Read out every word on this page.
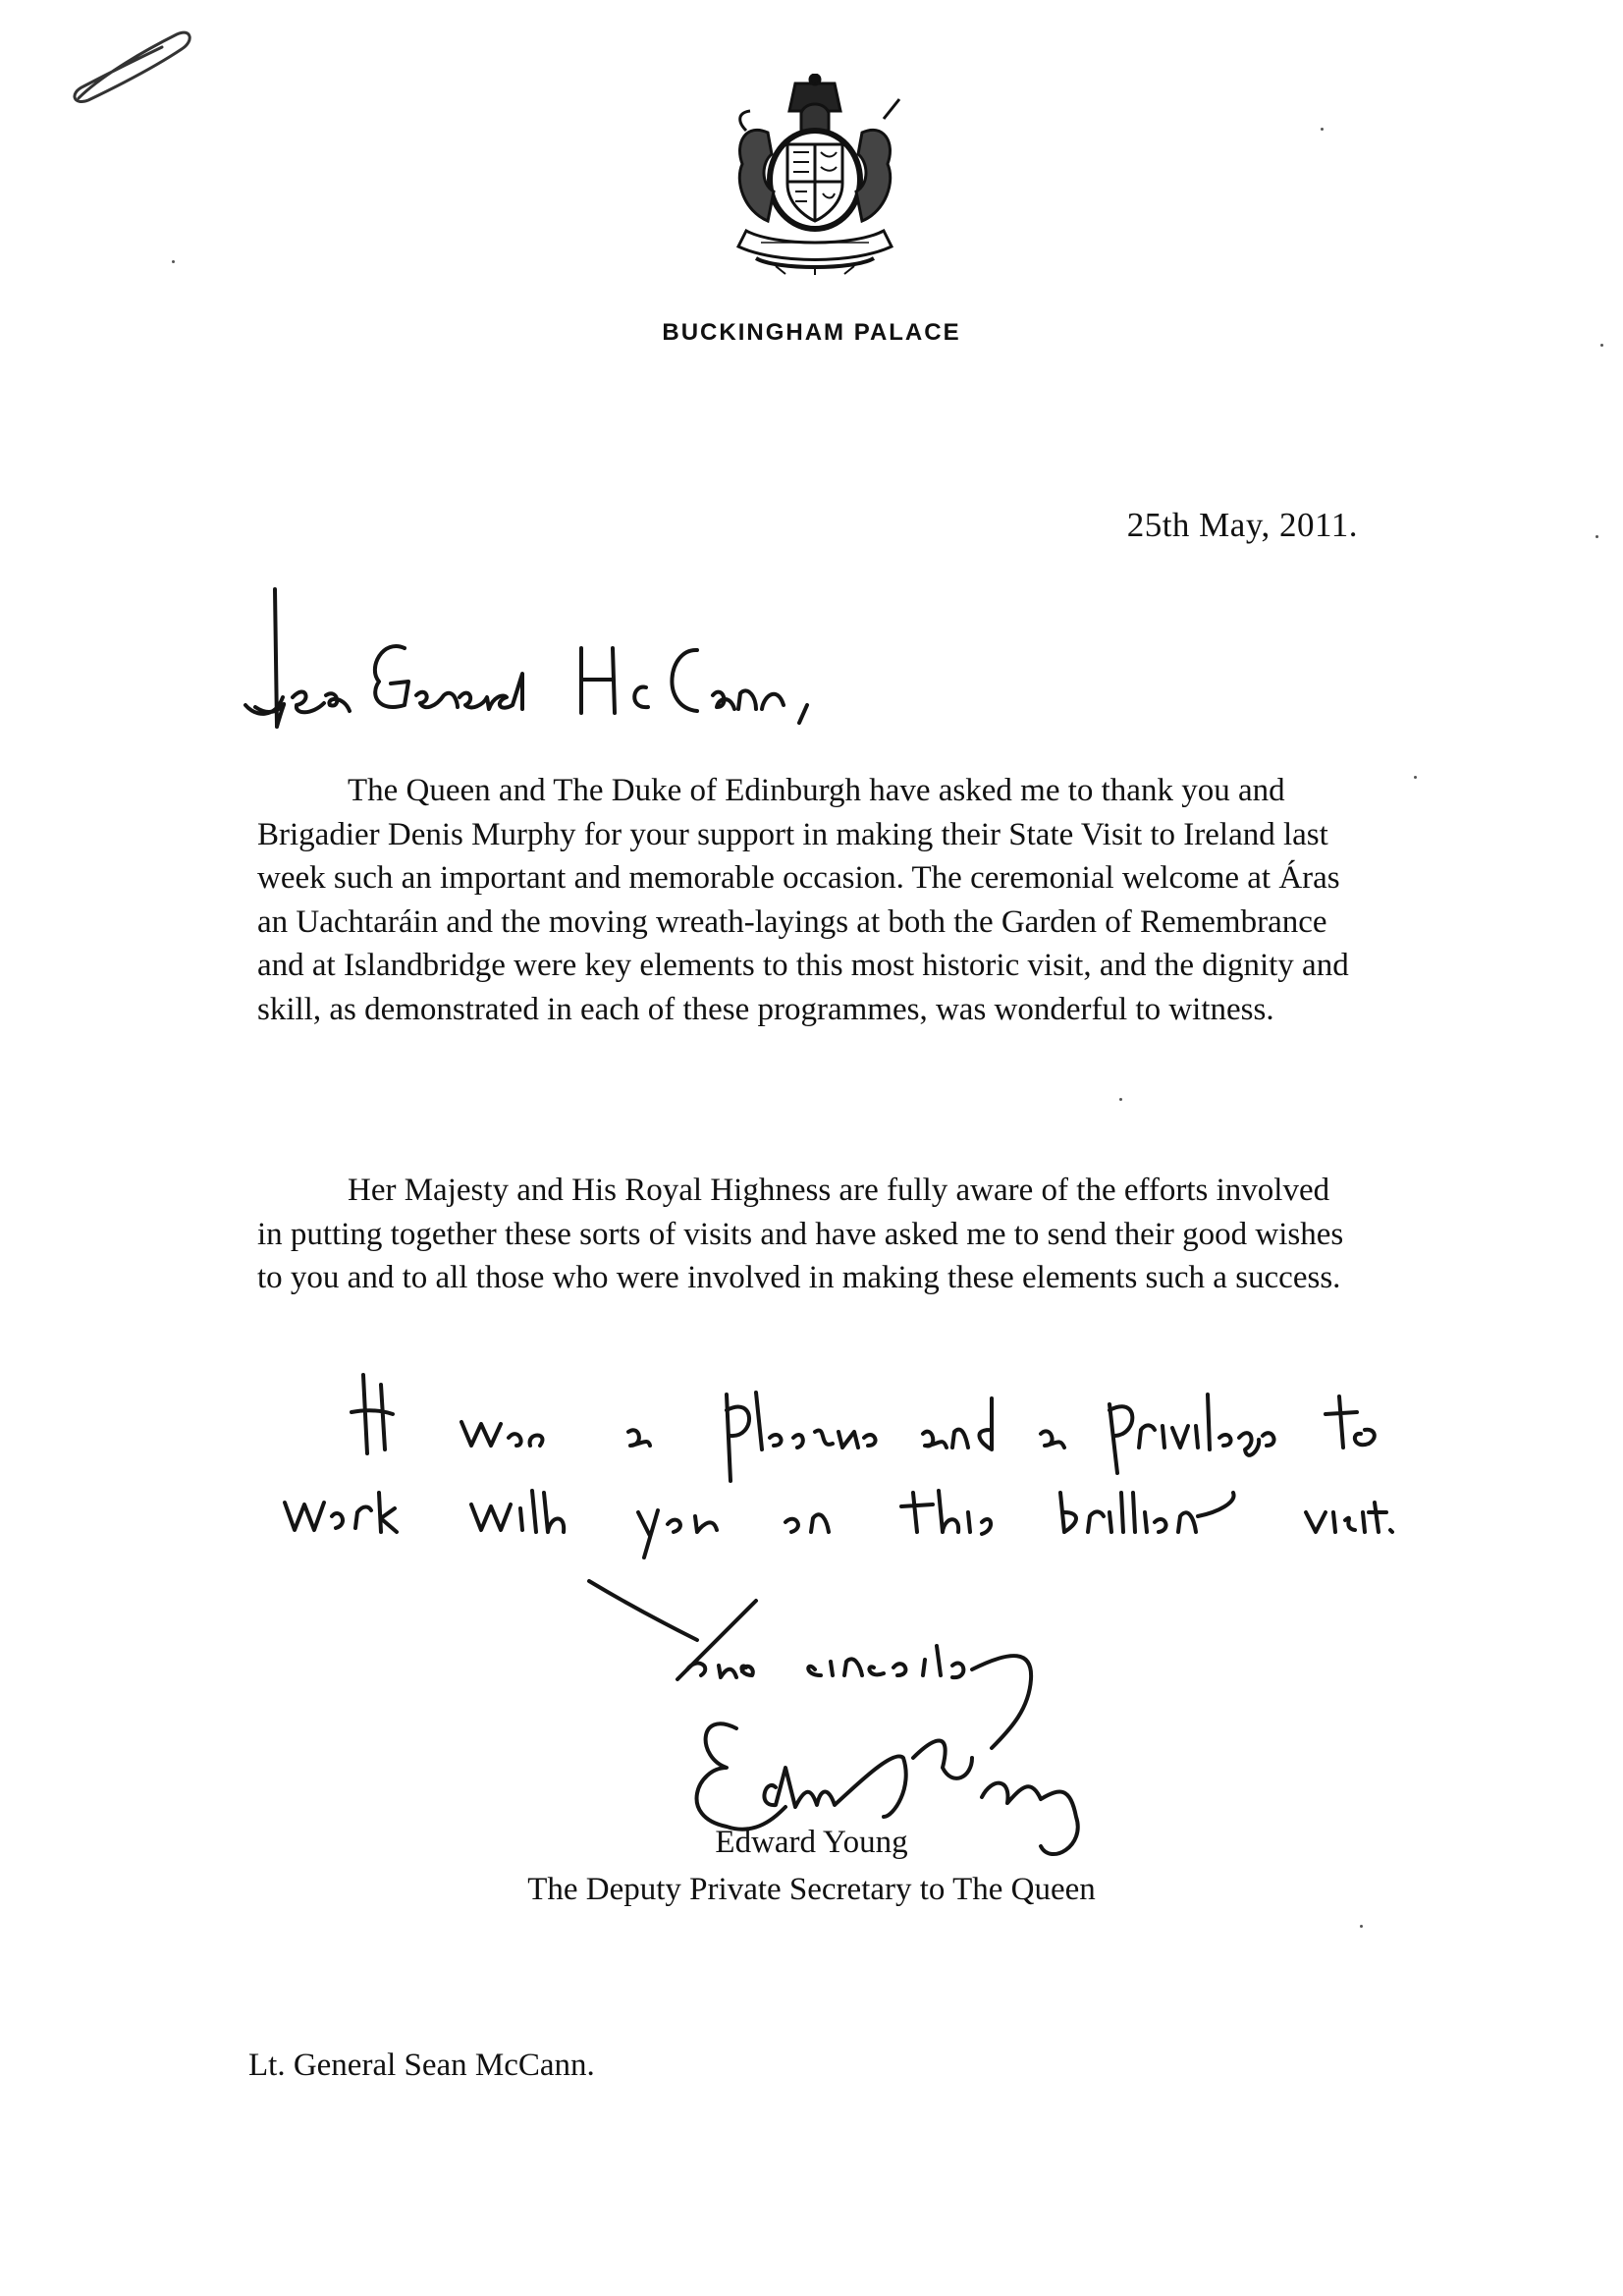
BUCKINGHAM PALACE
25th May, 2011.

The Queen and The Duke of Edinburgh have asked me to thank you and Brigadier Denis Murphy for your support in making their State Visit to Ireland last week such an important and memorable occasion. The ceremonial welcome at Áras an Uachtaráin and the moving wreath-layings at both the Garden of Remembrance and at Islandbridge were key elements to this most historic visit, and the dignity and skill, as demonstrated in each of these programmes, was wonderful to witness.

Her Majesty and His Royal Highness are fully aware of the efforts involved in putting together these sorts of visits and have asked me to send their good wishes to you and to all those who were involved in making these elements such a success.

Edward Young
The Deputy Private Secretary to The Queen
Lt. General Sean McCann.
